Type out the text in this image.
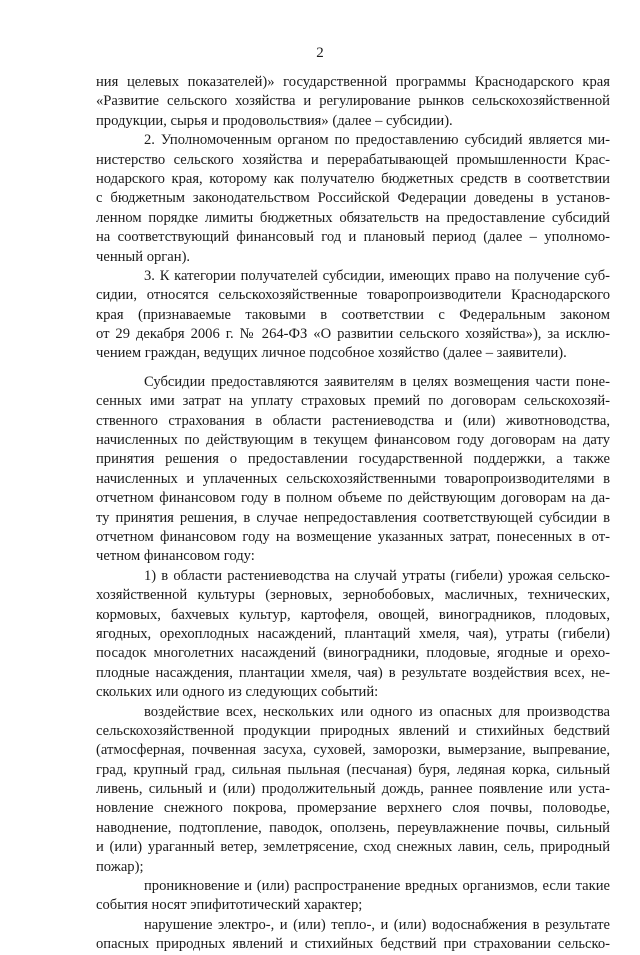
2
ния целевых показателей)» государственной программы Краснодарского края
«Развитие сельского хозяйства и регулирование рынков сельскохозяйственной
продукции, сырья и продовольствия» (далее – субсидии).
2. Уполномоченным органом по предоставлению субсидий является ми-
нистерство сельского хозяйства и перерабатывающей промышленности Крас-
нодарского края, которому как получателю бюджетных средств в соответствии
с бюджетным законодательством Российской Федерации доведены в установ-
ленном порядке лимиты бюджетных обязательств на предоставление субсидий
на соответствующий финансовый год и плановый период (далее – уполномо-
ченный орган).
3. К категории получателей субсидии, имеющих право на получение суб-
сидии, относятся сельскохозяйственные товаропроизводители Краснодарского
края (признаваемые таковыми в соответствии с Федеральным законом
от 29 декабря 2006 г. № 264-ФЗ «О развитии сельского хозяйства»), за исклю-
чением граждан, ведущих личное подсобное хозяйство (далее – заявители).
Субсидии предоставляются заявителям в целях возмещения части поне-
сенных ими затрат на уплату страховых премий по договорам сельскохозяй-
ственного страхования в области растениеводства и (или) животноводства,
начисленных по действующим в текущем финансовом году договорам на дату
принятия решения о предоставлении государственной поддержки, а также
начисленных и уплаченных сельскохозяйственными товаропроизводителями в
отчетном финансовом году в полном объеме по действующим договорам на да-
ту принятия решения, в случае непредоставления соответствующей субсидии в
отчетном финансовом году на возмещение указанных затрат, понесенных в от-
четном финансовом году:
1) в области растениеводства на случай утраты (гибели) урожая сельско-
хозяйственной культуры (зерновых, зернобобовых, масличных, технических,
кормовых, бахчевых культур, картофеля, овощей, виноградников, плодовых,
ягодных, орехоплодных насаждений, плантаций хмеля, чая), утраты (гибели)
посадок многолетних насаждений (виноградники, плодовые, ягодные и орехо-
плодные насаждения, плантации хмеля, чая) в результате воздействия всех, не-
скольких или одного из следующих событий:
воздействие всех, нескольких или одного из опасных для производства
сельскохозяйственной продукции природных явлений и стихийных бедствий
(атмосферная, почвенная засуха, суховей, заморозки, вымерзание, выпревание,
град, крупный град, сильная пыльная (песчаная) буря, ледяная корка, сильный
ливень, сильный и (или) продолжительный дождь, раннее появление или уста-
новление снежного покрова, промерзание верхнего слоя почвы, половодье,
наводнение, подтопление, паводок, оползень, переувлажнение почвы, сильный
и (или) ураганный ветер, землетрясение, сход снежных лавин, сель, природный
пожар);
проникновение и (или) распространение вредных организмов, если такие
события носят эпифитотический характер;
нарушение электро-, и (или) тепло-, и (или) водоснабжения в результате
опасных природных явлений и стихийных бедствий при страховании сельско-
